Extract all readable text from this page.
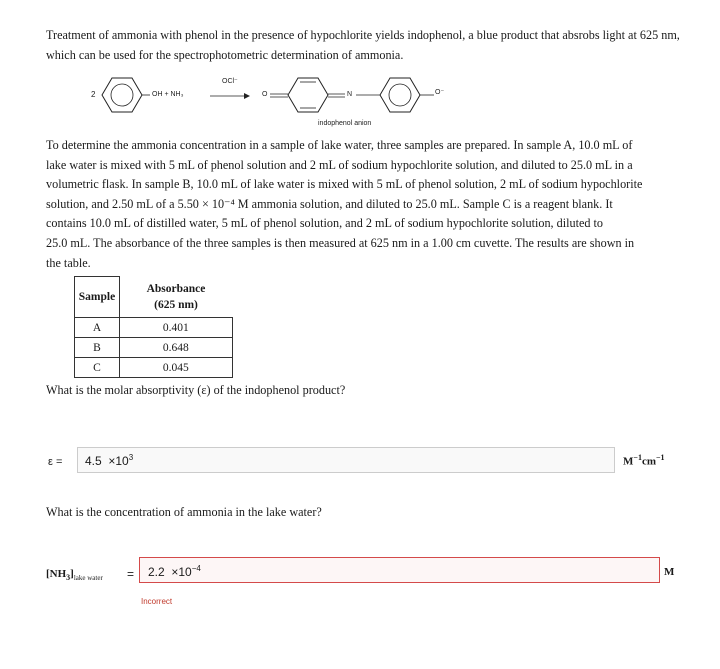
Treatment of ammonia with phenol in the presence of hypochlorite yields indophenol, a blue product that absrobs light at 625 nm, which can be used for the spectrophotometric determination of ammonia.
2	OH + NH₃
OCl⁻
O	N	O⁻
indophenol anion
To determine the ammonia concentration in a sample of lake water, three samples are prepared. In sample A, 10.0 mL of
lake water is mixed with 5 mL of phenol solution and 2 mL of sodium hypochlorite solution, and diluted to 25.0 mL in a
volumetric flask. In sample B, 10.0 mL of lake water is mixed with 5 mL of phenol solution, 2 mL of sodium hypochlorite
solution, and 2.50 mL of a 5.50 × 10⁻⁴ M ammonia solution, and diluted to 25.0 mL. Sample C is a reagent blank. It
contains 10.0 mL of distilled water, 5 mL of phenol solution, and 2 mL of sodium hypochlorite solution, diluted to
25.0 mL. The absorbance of the three samples is then measured at 625 nm in a 1.00 cm cuvette. The results are shown in
the table.
Sample	Absorbance
(625 nm)

A	0.401
B	0.648
C	0.045
What is the molar absorptivity (ε) of the indophenol product?
$\varepsilon = 4.5 \times 10^3$	$M^{-1}cm^{-1}$
What is the concentration of ammonia in the lake water?
$[NH_3]_{lake water} = 2.2 \times 10^{-4}$	M
Incorrect
